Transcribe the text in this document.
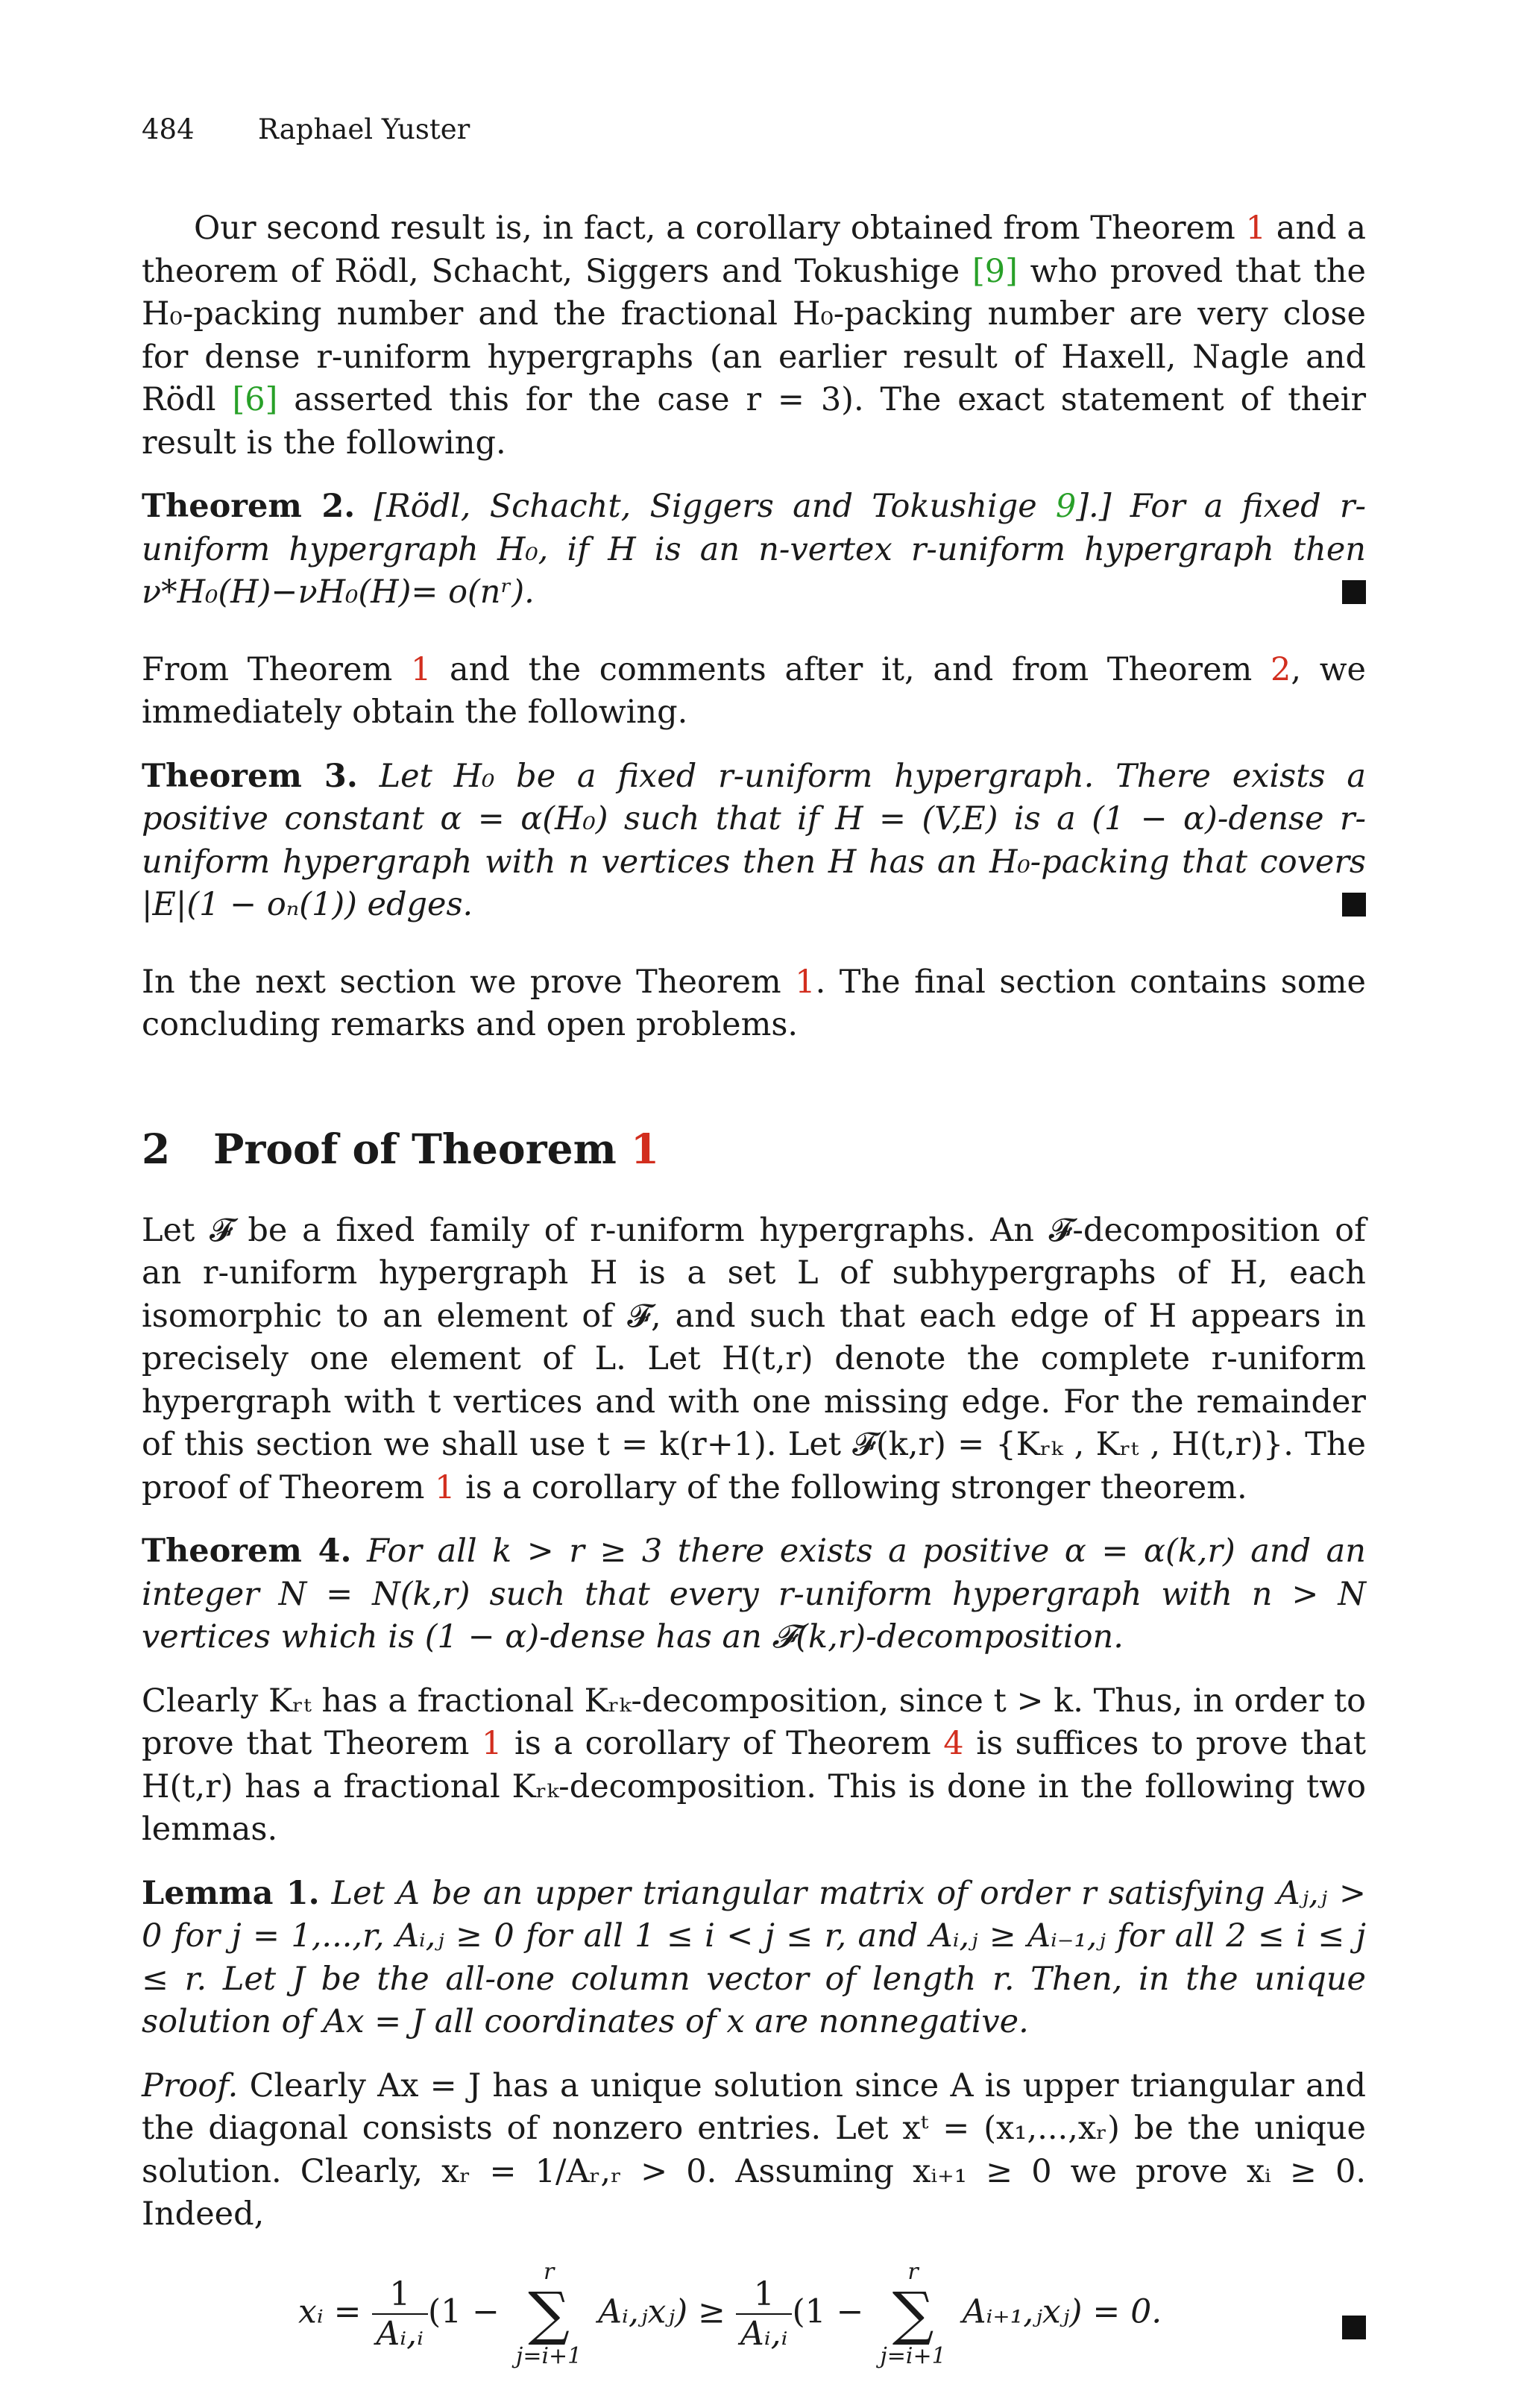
484 Raphael Yuster

Our second result is, in fact, a corollary obtained from Theorem 1 and a theorem of Rödl, Schacht, Siggers and Tokushige [9] who proved that the H₀-packing number and the fractional H₀-packing number are very close for dense r-uniform hypergraphs (an earlier result of Haxell, Nagle and Rödl [6] asserted this for the case r = 3). The exact statement of their result is the following.

Theorem 2. [Rödl, Schacht, Siggers and Tokushige 9].] For a fixed r-uniform hypergraph H₀, if H is an n-vertex r-uniform hypergraph then ν*H₀(H)−νH₀(H)= o(nʳ).

From Theorem 1 and the comments after it, and from Theorem 2, we immediately obtain the following.

Theorem 3. Let H₀ be a fixed r-uniform hypergraph. There exists a positive constant α = α(H₀) such that if H = (V,E) is a (1 − α)-dense r-uniform hypergraph with n vertices then H has an H₀-packing that covers |E|(1 − oₙ(1)) edges.

In the next section we prove Theorem 1. The final section contains some concluding remarks and open problems.

2 Proof of Theorem 1

Let 𝓕 be a fixed family of r-uniform hypergraphs. An 𝓕-decomposition of an r-uniform hypergraph H is a set L of subhypergraphs of H, each isomorphic to an element of 𝓕, and such that each edge of H appears in precisely one element of L. Let H(t,r) denote the complete r-uniform hypergraph with t vertices and with one missing edge. For the remainder of this section we shall use t = k(r+1). Let 𝓕(k,r) = {Kᵣₖ , Kᵣₜ , H(t,r)}. The proof of Theorem 1 is a corollary of the following stronger theorem.

Theorem 4. For all k > r ≥ 3 there exists a positive α = α(k,r) and an integer N = N(k,r) such that every r-uniform hypergraph with n > N vertices which is (1 − α)-dense has an 𝓕(k,r)-decomposition.

Clearly Kᵣₜ has a fractional Kᵣₖ-decomposition, since t > k. Thus, in order to prove that Theorem 1 is a corollary of Theorem 4 is suffices to prove that H(t,r) has a fractional Kᵣₖ-decomposition. This is done in the following two lemmas.

Lemma 1. Let A be an upper triangular matrix of order r satisfying Aⱼ,ⱼ > 0 for j = 1,...,r, Aᵢ,ⱼ ≥ 0 for all 1 ≤ i < j ≤ r, and Aᵢ,ⱼ ≥ Aᵢ₋₁,ⱼ for all 2 ≤ i ≤ j ≤ r. Let J be the all-one column vector of length r. Then, in the unique solution of Ax = J all coordinates of x are nonnegative.

Proof. Clearly Ax = J has a unique solution since A is upper triangular and the diagonal consists of nonzero entries. Let xᵗ = (x₁,...,xᵣ) be the unique solution. Clearly, xᵣ = 1/Aᵣ,ᵣ > 0. Assuming xᵢ₊₁ ≥ 0 we prove xᵢ ≥ 0. Indeed,

xᵢ = $\frac{1}{\text{Aᵢ,ᵢ}} (1$ −
r
∑
j=i+1
Aᵢ,ⱼxⱼ) ≥ $\frac{1}{\text{Aᵢ,ᵢ}} (1$ −
r
∑
j=i+1
Aᵢ₊₁,ⱼxⱼ) = 0.
